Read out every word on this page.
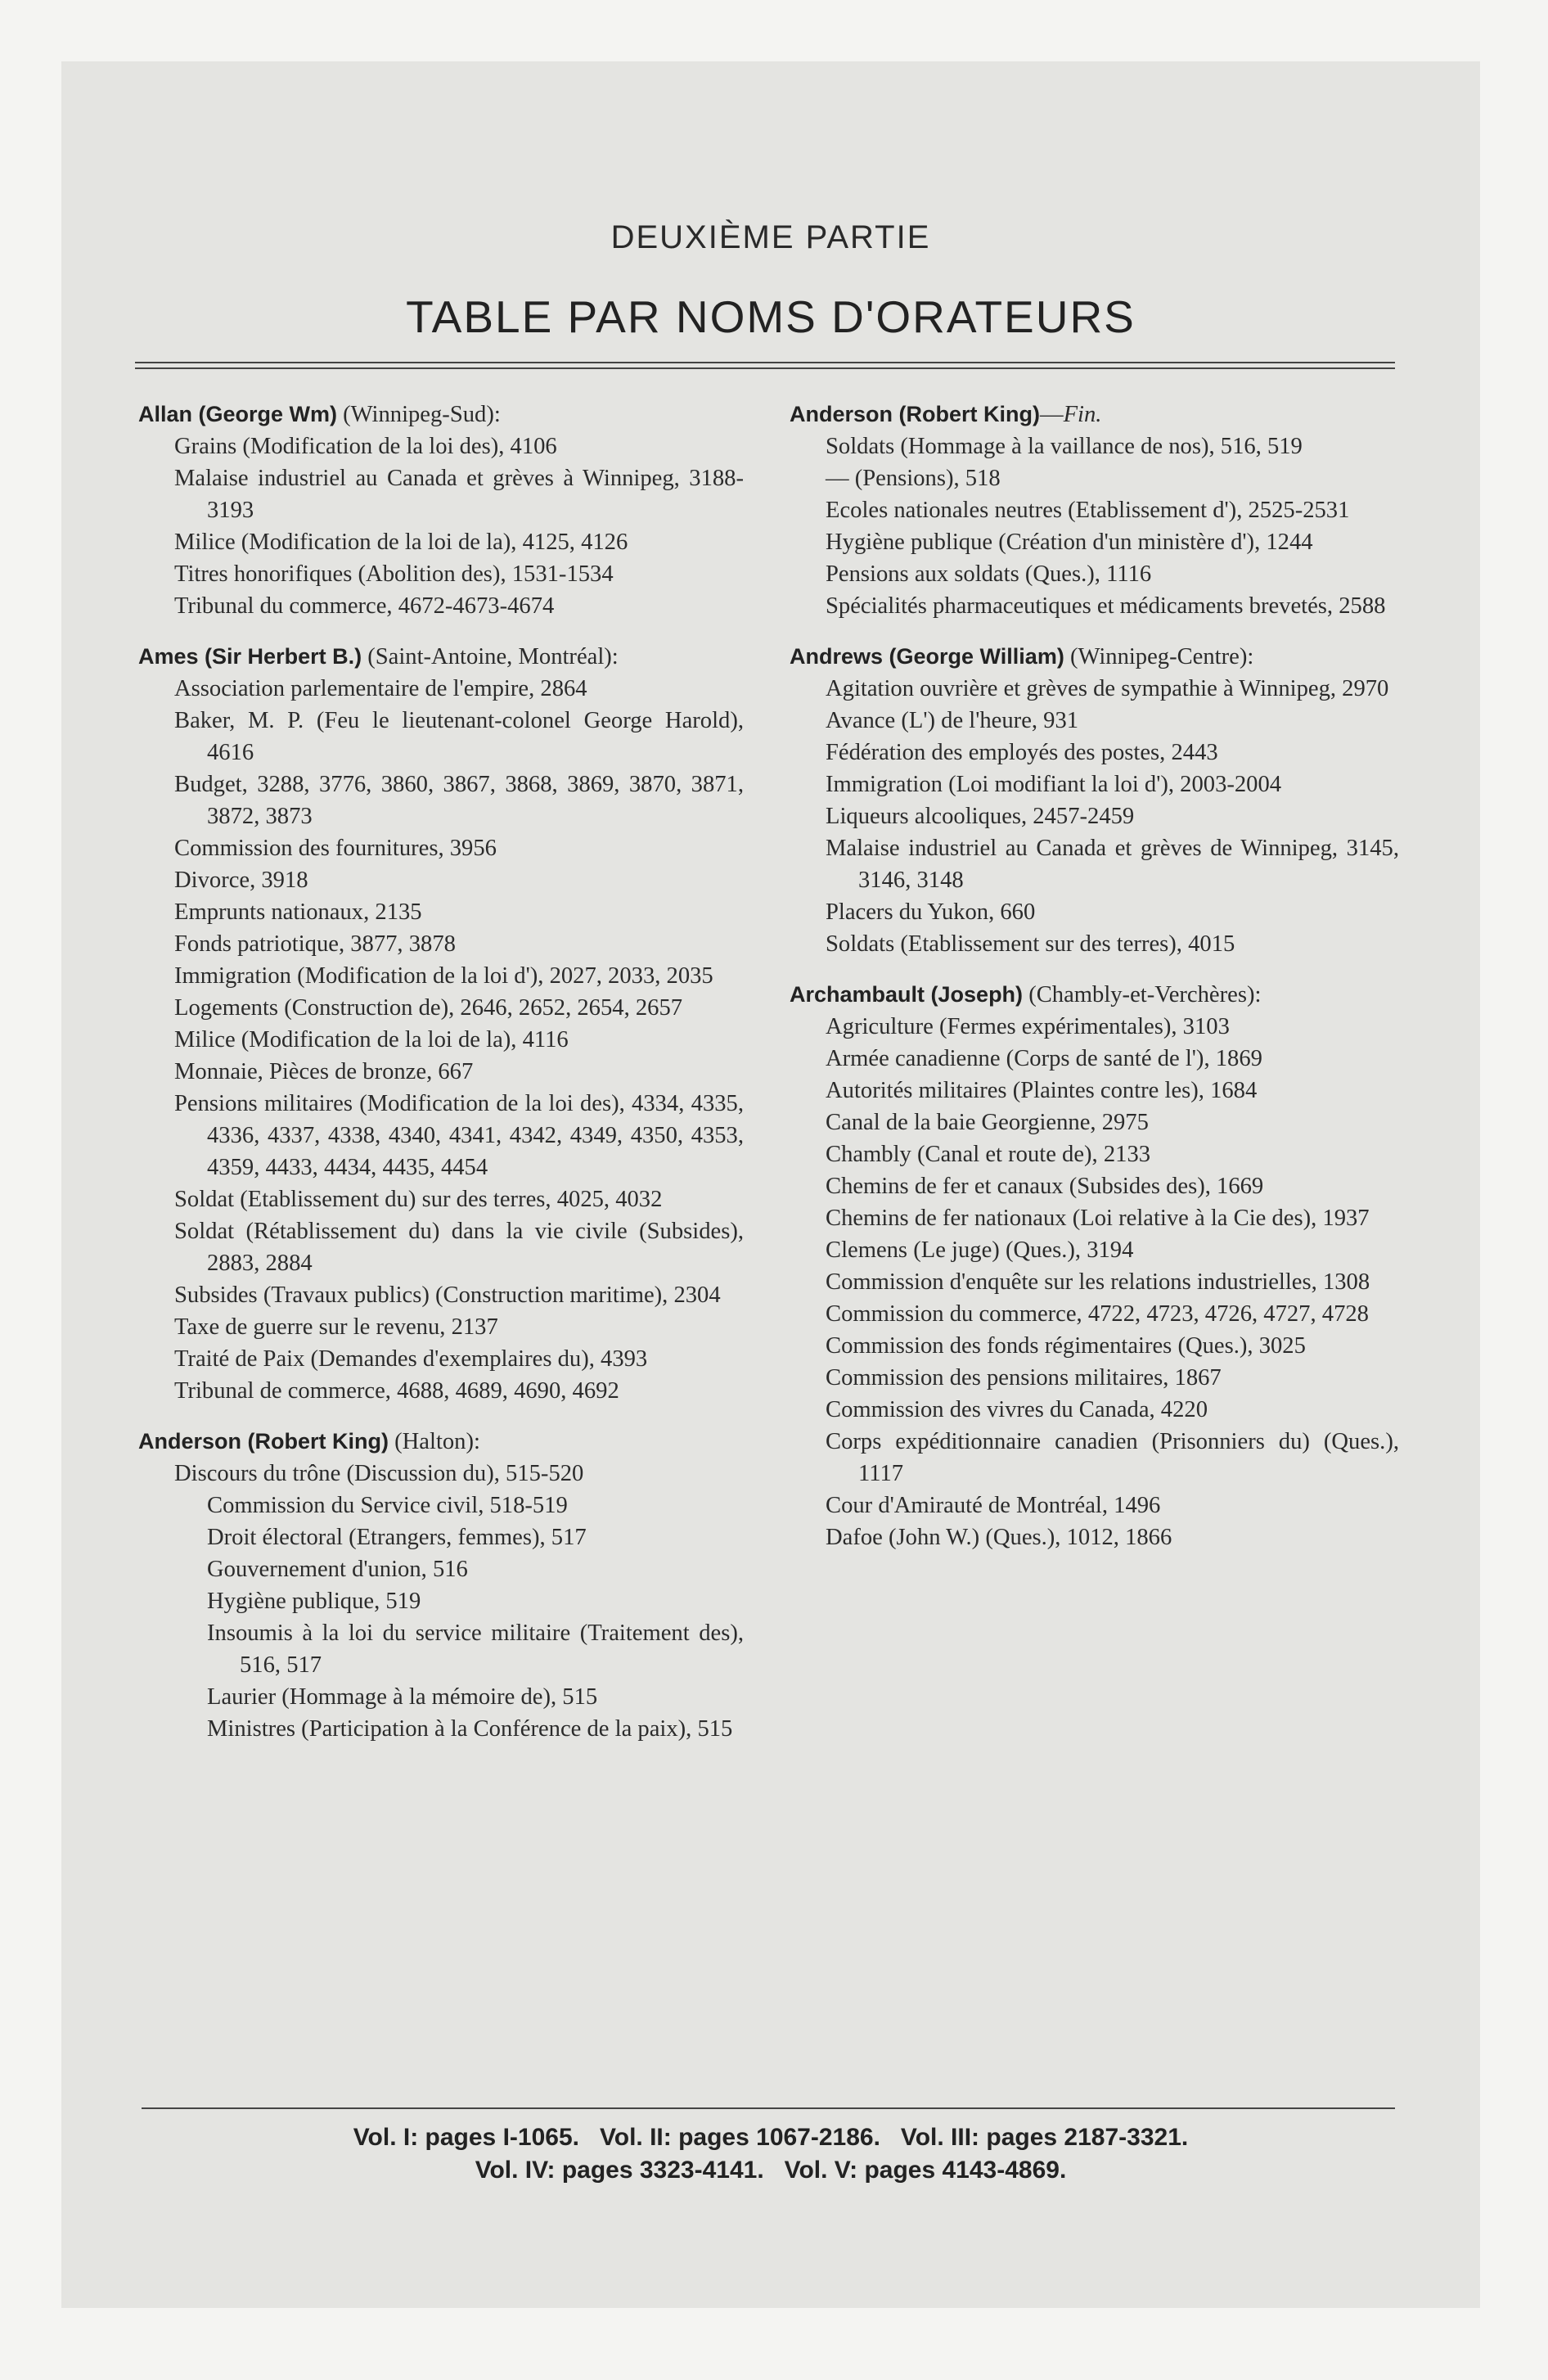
DEUXIÈME PARTIE
TABLE PAR NOMS D'ORATEURS
Allan (George Wm) (Winnipeg-Sud):
Grains (Modification de la loi des), 4106
Malaise industriel au Canada et grèves à Winnipeg, 3188-3193
Milice (Modification de la loi de la), 4125, 4126
Titres honorifiques (Abolition des), 1531-1534
Tribunal du commerce, 4672-4673-4674
Ames (Sir Herbert B.) (Saint-Antoine, Montréal):
Association parlementaire de l'empire, 2864
Baker, M. P. (Feu le lieutenant-colonel George Harold), 4616
Budget, 3288, 3776, 3860, 3867, 3868, 3869, 3870, 3871, 3872, 3873
Commission des fournitures, 3956
Divorce, 3918
Emprunts nationaux, 2135
Fonds patriotique, 3877, 3878
Immigration (Modification de la loi d'), 2027, 2033, 2035
Logements (Construction de), 2646, 2652, 2654, 2657
Milice (Modification de la loi de la), 4116
Monnaie, Pièces de bronze, 667
Pensions militaires (Modification de la loi des), 4334, 4335, 4336, 4337, 4338, 4340, 4341, 4342, 4349, 4350, 4353, 4359, 4433, 4434, 4435, 4454
Soldat (Etablissement du) sur des terres, 4025, 4032
Soldat (Rétablissement du) dans la vie civile (Subsides), 2883, 2884
Subsides (Travaux publics) (Construction maritime), 2304
Taxe de guerre sur le revenu, 2137
Traité de Paix (Demandes d'exemplaires du), 4393
Tribunal de commerce, 4688, 4689, 4690, 4692
Anderson (Robert King) (Halton):
Discours du trône (Discussion du), 515-520
Commission du Service civil, 518-519
Droit électoral (Etrangers, femmes), 517
Gouvernement d'union, 516
Hygiène publique, 519
Insoumis à la loi du service militaire (Traitement des), 516, 517
Laurier (Hommage à la mémoire de), 515
Ministres (Participation à la Conférence de la paix), 515
Anderson (Robert King)—Fin.
Soldats (Hommage à la vaillance de nos), 516, 519
— (Pensions), 518
Ecoles nationales neutres (Etablissement d'), 2525-2531
Hygiène publique (Création d'un ministère d'), 1244
Pensions aux soldats (Ques.), 1116
Spécialités pharmaceutiques et médicaments brevetés, 2588
Andrews (George William) (Winnipeg-Centre):
Agitation ouvrière et grèves de sympathie à Winnipeg, 2970
Avance (L') de l'heure, 931
Fédération des employés des postes, 2443
Immigration (Loi modifiant la loi d'), 2003-2004
Liqueurs alcooliques, 2457-2459
Malaise industriel au Canada et grèves de Winnipeg, 3145, 3146, 3148
Placers du Yukon, 660
Soldats (Etablissement sur des terres), 4015
Archambault (Joseph) (Chambly-et-Verchères):
Agriculture (Fermes expérimentales), 3103
Armée canadienne (Corps de santé de l'), 1869
Autorités militaires (Plaintes contre les), 1684
Canal de la baie Georgienne, 2975
Chambly (Canal et route de), 2133
Chemins de fer et canaux (Subsides des), 1669
Chemins de fer nationaux (Loi relative à la Cie des), 1937
Clemens (Le juge) (Ques.), 3194
Commission d'enquête sur les relations industrielles, 1308
Commission du commerce, 4722, 4723, 4726, 4727, 4728
Commission des fonds régimentaires (Ques.), 3025
Commission des pensions militaires, 1867
Commission des vivres du Canada, 4220
Corps expéditionnaire canadien (Prisonniers du) (Ques.), 1117
Cour d'Amirauté de Montréal, 1496
Dafoe (John W.) (Ques.), 1012, 1866
Vol. I: pages I-1065.   Vol. II: pages 1067-2186.   Vol. III: pages 2187-3321.
Vol. IV: pages 3323-4141.   Vol. V: pages 4143-4869.
